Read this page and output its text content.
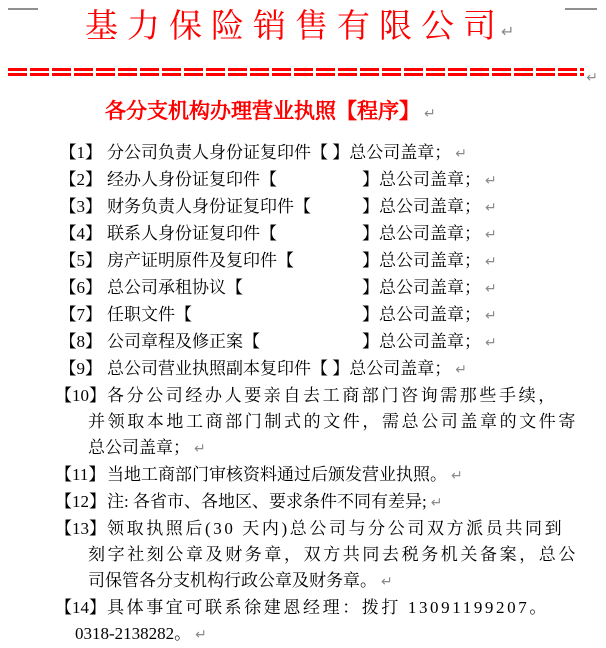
基力保险销售有限公司↵
↵
各分支机构办理营业执照【程序】 ↵
【1】 分公司负责人身份证复印件【 】总公司盖章； ↵
【2】 经办人身份证复印件【　　　　　】总公司盖章； ↵
【3】 财务负责人身份证复印件【　　　】总公司盖章； ↵
【4】 联系人身份证复印件【　　　　　】总公司盖章； ↵
【5】 房产证明原件及复印件【　　　　】总公司盖章； ↵
【6】 总公司承租协议【　　　　　　　】总公司盖章； ↵
【7】 任职文件【　　　　　　　　　　】总公司盖章； ↵
【8】 公司章程及修正案【　　　　　　】总公司盖章； ↵
【9】 总公司营业执照副本复印件【 】总公司盖章； ↵
【10】 各分公司经办人要亲自去工商部门咨询需那些手续，
并领取本地工商部门制式的文件，需总公司盖章的文件寄
总公司盖章； ↵
【11】 当地工商部门审核资料通过后颁发营业执照。 ↵
【12】 注: 各省市、各地区、要求条件不同有差异; ↵
【13】 领取执照后(30 天内)总公司与分公司双方派员共同到
刻字社刻公章及财务章，双方共同去税务机关备案，总公
司保管各分支机构行政公章及财务章。 ↵
【14】 具体事宜可联系徐建恩经理：拨打 13091199207。
0318-2138282。 ↵
